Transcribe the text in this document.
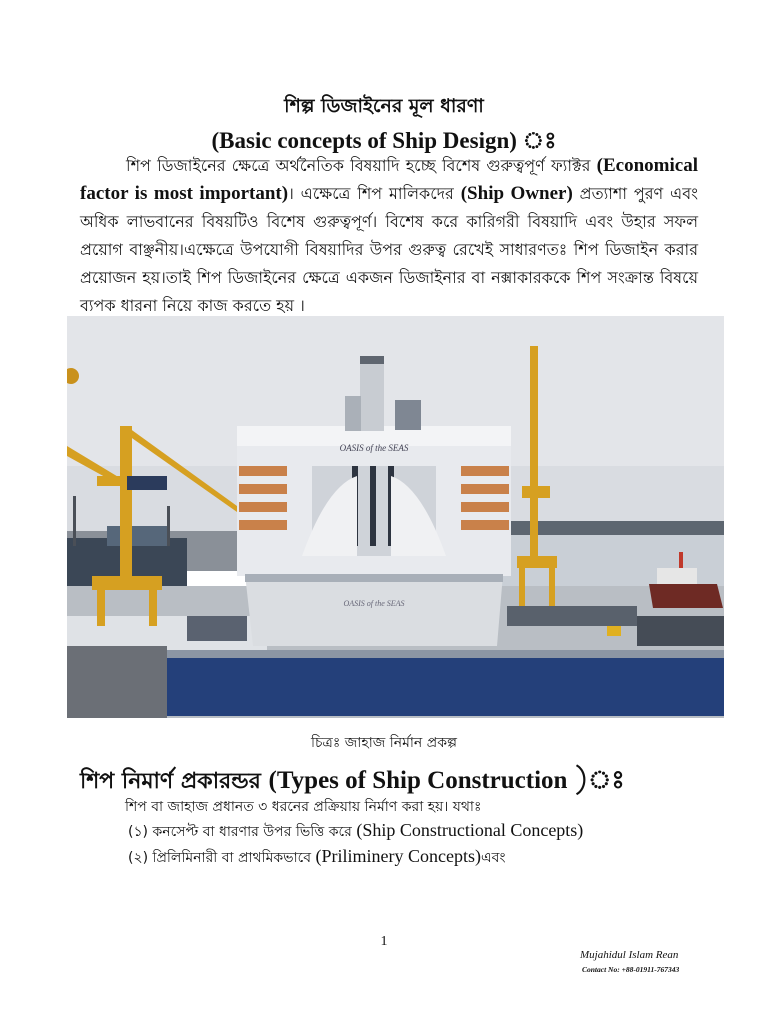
শিল্প ডিজাইনের মূল ধারণা
(Basic concepts of Ship Design) ঃ
শিপ ডিজাইনের ক্ষেত্রে অর্থনৈতিক বিষয়াদি হচ্ছে বিশেষ গুরুত্বপূর্ণ ফ্যাক্টর (Economical factor is most important)। এক্ষেত্রে শিপ মালিকদের (Ship Owner) প্রত্যাশা পুরণ এবং অধিক লাভবানের বিষয়টিও বিশেষ গুরুত্বপূর্ণ। বিশেষ করে কারিগরী বিষয়াদি এবং উহার সফল প্রয়োগ বাঞ্ছনীয়।এক্ষেত্রে উপযোগী বিষয়াদির উপর গুরুত্ব রেখেই সাধারণতঃ শিপ ডিজাইন করার প্রয়োজন হয়।তাই শিপ ডিজাইনের ক্ষেত্রে একজন ডিজাইনার বা নক্সাকারককে শিপ সংক্রান্ত বিষয়ে ব্যপক ধারনা নিয়ে কাজ করতে হয় ।
OASIS of the SEAS
OASIS of the SEAS
চিত্রঃ জাহাজ নির্মান প্রকল্প
শিপ নিমার্ণ প্রকারন্ডর (Types of Ship Construction )ঃ
শিপ বা জাহাজ প্রধানত ৩ ধরনের প্রক্রিয়ায় নির্মাণ করা হয়। যথাঃ
(১) কনসেপ্ট বা ধারণার উপর ভিত্তি করে (Ship Constructional Concepts)
(২) প্রিলিমিনারী বা প্রাথমিকভাবে (Priliminery Concepts)এবং
1
Mujahidul Islam Rean
Contact No: +88-01911-767343
